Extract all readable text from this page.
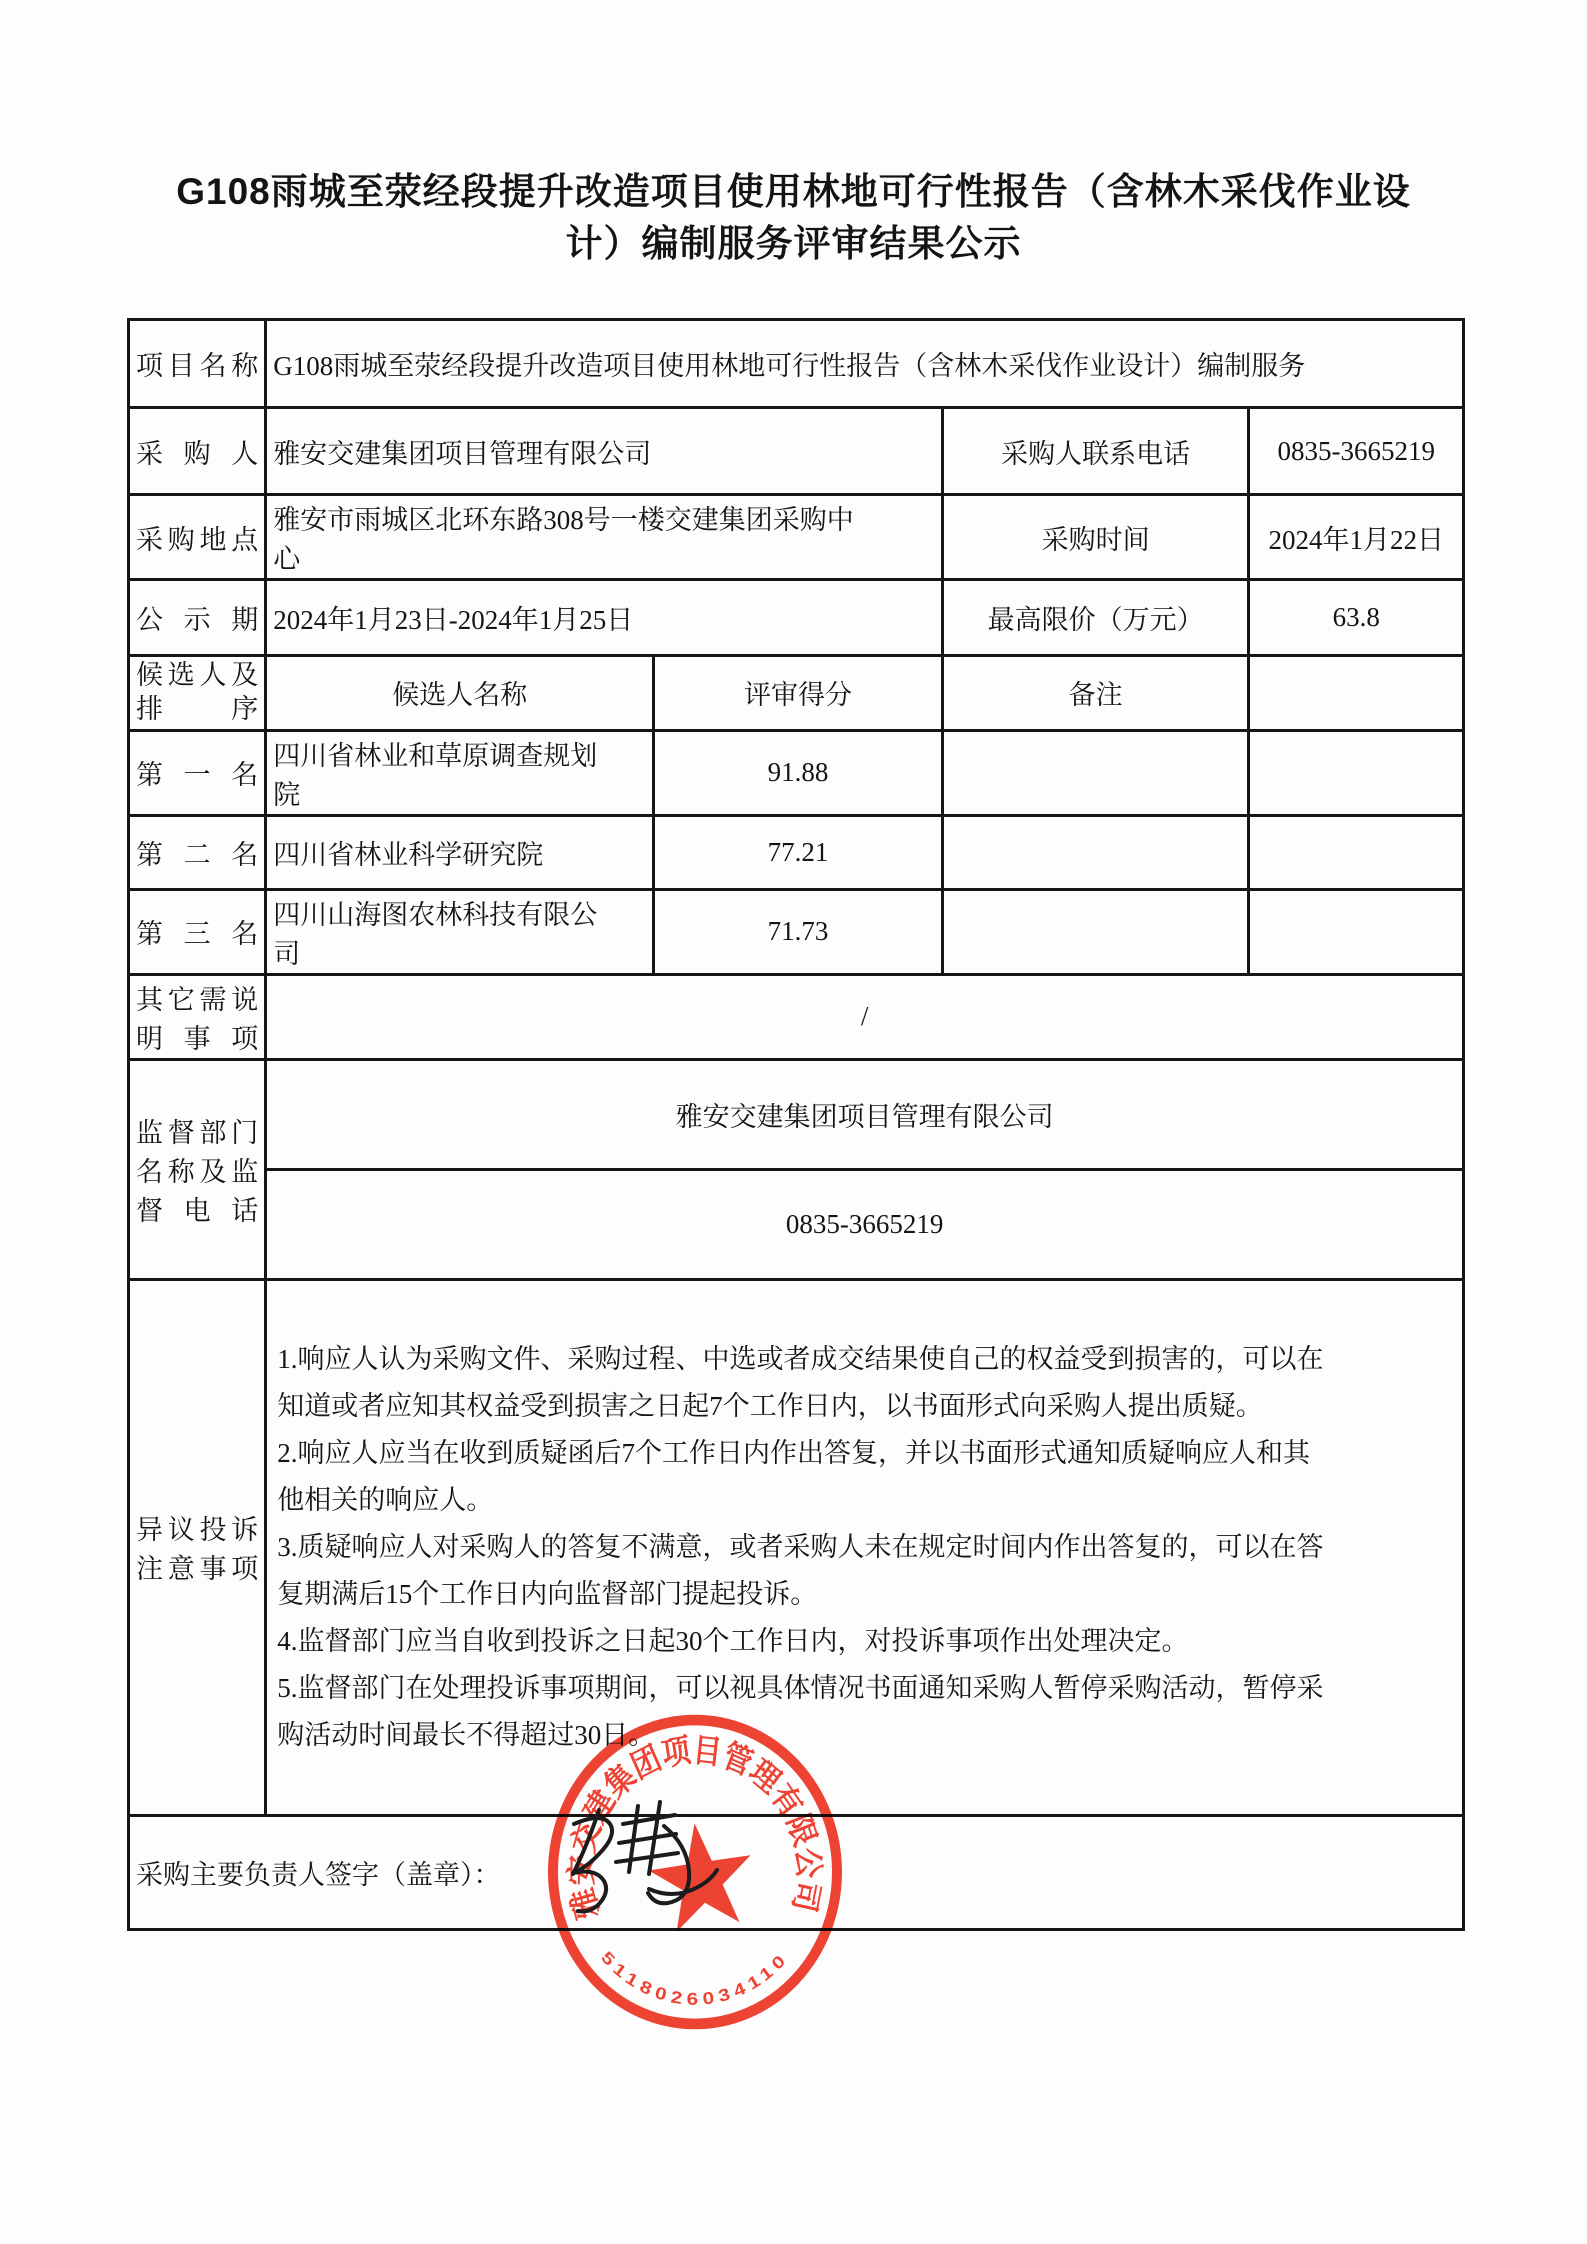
G108雨城至荥经段提升改造项目使用林地可行性报告（含林木采伐作业设
计）编制服务评审结果公示
项目名称	G108雨城至荥经段提升改造项目使用林地可行性报告（含林木采伐作业设计）编制服务			
采购人	雅安交建集团项目管理有限公司		采购人联系电话	0835-3665219
采购地点	雅安市雨城区北环东路308号一楼交建集团采购中心		采购时间	2024年1月22日
公示期	2024年1月23日-2024年1月25日		最高限价（万元）	63.8
候选人及排序	候选人名称	评审得分	备注	
第一名	四川省林业和草原调查规划院	91.88		
第二名	四川省林业科学研究院	77.21		
第三名	四川山海图农林科技有限公司	71.73		
其它需说明事项	/			
监督部门名称及监督电话	雅安交建集团项目管理有限公司			
	0835-3665219			
异议投诉注意事项	1.响应人认为采购文件、采购过程、中选或者成交结果使自己的权益受到损害的，可以在知道或者应知其权益受到损害之日起7个工作日内，以书面形式向采购人提出质疑。
2.响应人应当在收到质疑函后7个工作日内作出答复，并以书面形式通知质疑响应人和其他相关的响应人。
3.质疑响应人对采购人的答复不满意，或者采购人未在规定时间内作出答复的，可以在答复期满后15个工作日内向监督部门提起投诉。
4.监督部门应当自收到投诉之日起30个工作日内，对投诉事项作出处理决定。
5.监督部门在处理投诉事项期间，可以视具体情况书面通知采购人暂停采购活动，暂停采购活动时间最长不得超过30日。			

采购主要负责人签字（盖章）：				
雅安交建集团项目管理有限公司
5118026034110
